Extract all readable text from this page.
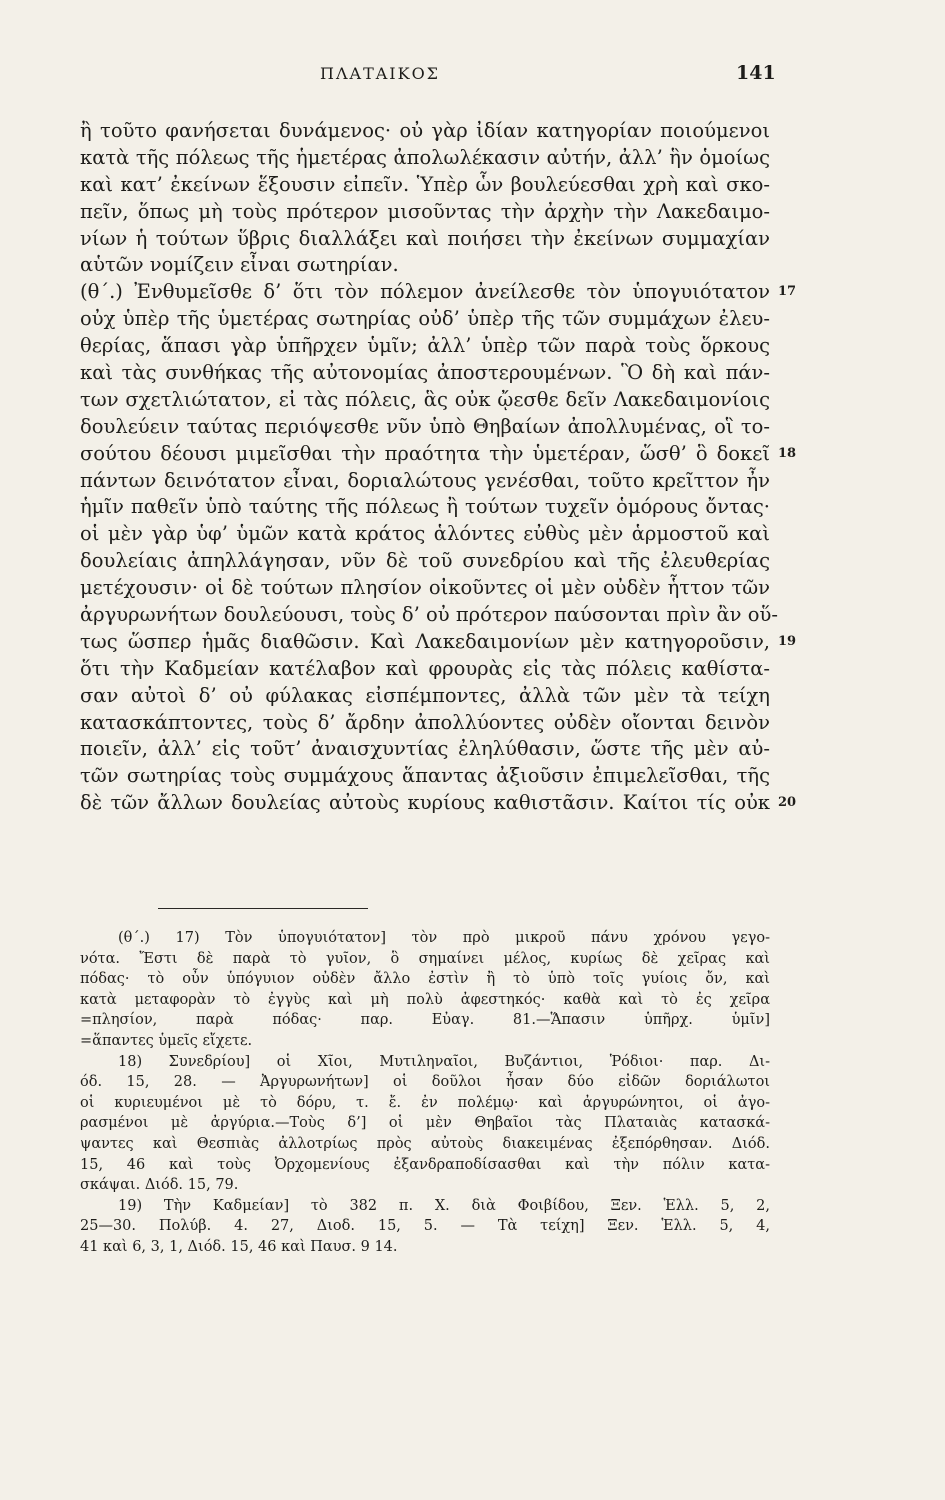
ΠΛΑΤΑΙΚΟΣ	141
ἢ τοῦτο φανήσεται δυνάμενος· οὐ γὰρ ἰδίαν κατηγορίαν ποιούμενοι
κατὰ τῆς πόλεως τῆς ἡμετέρας ἀπολωλέκασιν αὐτήν, ἀλλ’ ἣν ὁμοίως
καὶ κατ’ ἐκείνων ἕξουσιν εἰπεῖν. Ὑπὲρ ὧν βουλεύεσθαι χρὴ καὶ σκο-
πεῖν, ὅπως μὴ τοὺς πρότερον μισοῦντας τὴν ἀρχὴν τὴν Λακεδαιμο-
νίων ἡ τούτων ὕβρις διαλλάξει καὶ ποιήσει τὴν ἐκείνων συμμαχίαν
αὑτῶν νομίζειν εἶναι σωτηρίαν.
(θ΄.) Ἐνθυμεῖσθε δ’ ὅτι τὸν πόλεμον ἀνείλεσθε τὸν ὑπογυιότατον 17
οὐχ ὑπὲρ τῆς ὑμετέρας σωτηρίας οὐδ’ ὑπὲρ τῆς τῶν συμμάχων ἐλευ-
θερίας, ἅπασι γὰρ ὑπῆρχεν ὑμῖν; ἀλλ’ ὑπὲρ τῶν παρὰ τοὺς ὅρκους
καὶ τὰς συνθήκας τῆς αὐτονομίας ἀποστερουμένων. Ὃ δὴ καὶ πάν-
των σχετλιώτατον, εἰ τὰς πόλεις, ἃς οὐκ ᾤεσθε δεῖν Λακεδαιμονίοις
δουλεύειν ταύτας περιόψεσθε νῦν ὑπὸ Θηβαίων ἀπολλυμένας, οἳ το-
σούτου δέουσι μιμεῖσθαι τὴν πραότητα τὴν ὑμετέραν, ὥσθ’ ὃ δοκεῖ 18
πάντων δεινότατον εἶναι, δοριαλώτους γενέσθαι, τοῦτο κρεῖττον ἦν
ἡμῖν παθεῖν ὑπὸ ταύτης τῆς πόλεως ἢ τούτων τυχεῖν ὁμόρους ὄντας·
οἱ μὲν γὰρ ὑφ’ ὑμῶν κατὰ κράτος ἁλόντες εὐθὺς μὲν ἁρμοστοῦ καὶ
δουλείαις ἀπηλλάγησαν, νῦν δὲ τοῦ συνεδρίου καὶ τῆς ἐλευθερίας
μετέχουσιν· οἱ δὲ τούτων πλησίον οἰκοῦντες οἱ μὲν οὐδὲν ἧττον τῶν
ἀργυρωνήτων δουλεύουσι, τοὺς δ’ οὐ πρότερον παύσονται πρὶν ἂν οὕ-
τως ὥσπερ ἡμᾶς διαθῶσιν. Καὶ Λακεδαιμονίων μὲν κατηγοροῦσιν, 19
ὅτι τὴν Καδμείαν κατέλαβον καὶ φρουρὰς εἰς τὰς πόλεις καθίστα-
σαν αὐτοὶ δ’ οὐ φύλακας εἰσπέμποντες, ἀλλὰ τῶν μὲν τὰ τείχη
κατασκάπτοντες, τοὺς δ’ ἄρδην ἀπολλύοντες οὐδὲν οἴονται δεινὸν
ποιεῖν, ἀλλ’ εἰς τοῦτ’ ἀναισχυντίας ἐληλύθασιν, ὥστε τῆς μὲν αὐ-
τῶν σωτηρίας τοὺς συμμάχους ἅπαντας ἀξιοῦσιν ἐπιμελεῖσθαι, τῆς
δὲ τῶν ἄλλων δουλείας αὐτοὺς κυρίους καθιστᾶσιν. Καίτοι τίς οὐκ 20
(θ΄.) 17) Τὸν ὑπογυιότατον] τὸν πρὸ μικροῦ πάνυ χρόνου γεγο-
νότα. Ἔστι δὲ παρὰ τὸ γυῖον, ὃ σημαίνει μέλος, κυρίως δὲ χεῖρας καὶ
πόδας· τὸ οὖν ὑπόγυιον οὐδὲν ἄλλο ἐστὶν ἢ τὸ ὑπὸ τοῖς γυίοις ὄν, καὶ
κατὰ μεταφορὰν τὸ ἐγγὺς καὶ μὴ πολὺ ἀφεστηκός· καθὰ καὶ τὸ ἐς χεῖρα
=πλησίον, παρὰ πόδας· παρ. Εὐαγ. 81.—Ἅπασιν ὑπῆρχ. ὑμῖν]
=ἅπαντες ὑμεῖς εἴχετε.
18) Συνεδρίου] οἱ Χῖοι, Μυτιληναῖοι, Βυζάντιοι, Ῥόδιοι· παρ. Δι-
όδ. 15, 28. — Ἀργυρωνήτων] οἱ δοῦλοι ἦσαν δύο εἰδῶν δοριάλωτοι
οἱ κυριευμένοι μὲ τὸ δόρυ, τ. ἔ. ἐν πολέμῳ· καὶ ἀργυρώνητοι, οἱ ἀγο-
ρασμένοι μὲ ἀργύρια.—Τοὺς δ’] οἱ μὲν Θηβαῖοι τὰς Πλαταιὰς κατασκά-
ψαντες καὶ Θεσπιὰς ἀλλοτρίως πρὸς αὐτοὺς διακειμένας ἐξεπόρθησαν. Διόδ.
15, 46 καὶ τοὺς Ὀρχομενίους ἐξανδραποδίσασθαι καὶ τὴν πόλιν κατα-
σκάψαι. Διόδ. 15, 79.
19) Τὴν Καδμείαν] τὸ 382 π. Χ. διὰ Φοιβίδου, Ξεν. Ἑλλ. 5, 2,
25—30. Πολύβ. 4. 27, Διοδ. 15, 5. — Τὰ τείχη] Ξεν. Ἑλλ. 5, 4,
41 καὶ 6, 3, 1, Διόδ. 15, 46 καὶ Παυσ. 9 14.
